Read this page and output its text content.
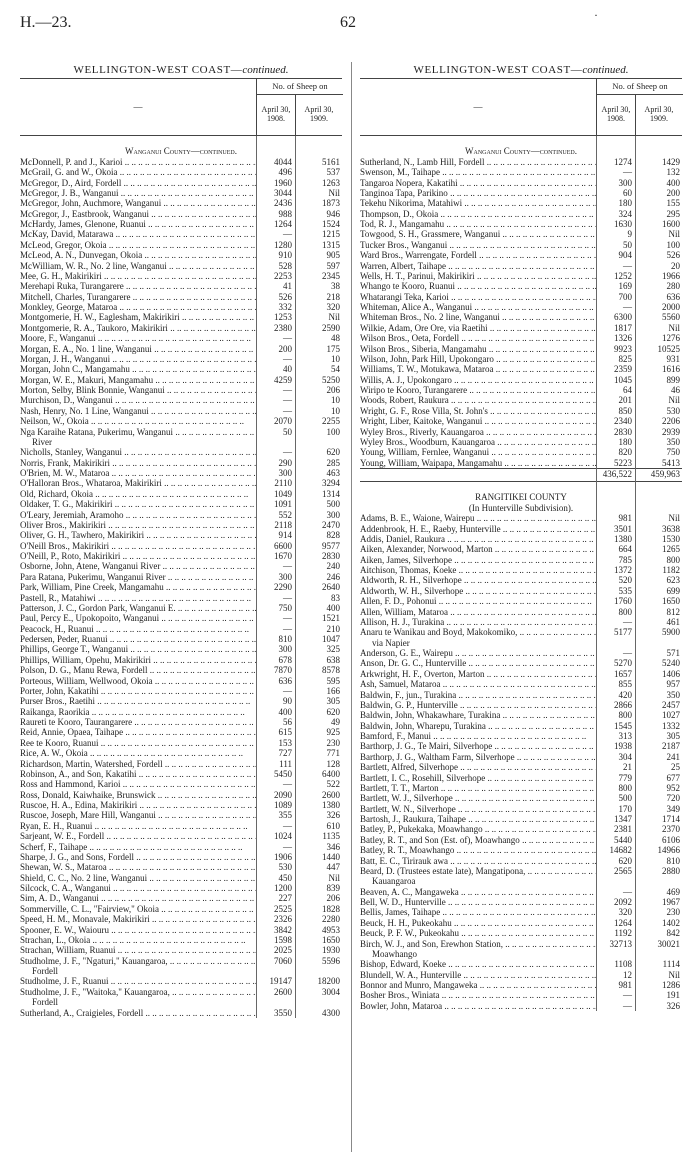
H.—23.	62	·
WELLINGTON-WEST COAST—continued.
—
No. of Sheep on
April 30,
1908.
April 30,
1909.
Wanganui County—continued.
McDonnell, P. and J., Karioi .. ..	4044	5161
McGrail, G. and W., Okoia .. ..	496	537
McGregor, D., Aird, Fordell .. ..	1960	1263
McGregor, J. B., Wanganui .. ..	3044	Nil
McGregor, John, Auchmore, Wanganui .. ..	2436	1873
McGregor, J., Eastbrook, Wanganui .. ..	988	946
McHardy, James, Glenone, Ruanui .. ..	1264	1524
McKay, David, Matarawa .. ..	—	1215
McLeod, Gregor, Okoia .. ..	1280	1315
McLeod, A. N., Dunvegan, Okoia .. ..	910	905
McWilliam, W. R., No. 2 line, Wanganui .. ..	528	597
Mee, G. H., Makirikiri .. ..	2253	2345
Merehapi Ruka, Turangarere .. ..	41	38
Mitchell, Charles, Turangarere .. ..	526	218
Monkley, George, Mataroa .. ..	332	320
Montgomerie, H. W., Eaglesham, Makirikiri .. ..	1253	Nil
Montgomerie, R. A., Taukoro, Makirikiri .. ..	2380	2590
Moore, F., Wanganui .. ..	—	48
Morgan, E. A., No. 1 line, Wanganui .. ..	200	175
Morgan, J. H., Wanganui .. ..	—	10
Morgan, John C., Mangamahu .. ..	40	54
Morgan, W. E., Makuri, Mangamahu .. ..	4259	5250
Morton, Selby, Blink Bonnie, Wanganui .. ..	—	206
Murchison, D., Wanganui .. ..	—	10
Nash, Henry, No. 1 Line, Wanganui .. ..	—	10
Neilson, W., Okoia .. ..	2070	2255
Nga Karaihe Ratana, Pukerimu, Wanganui .. ..	50	100
River
Nicholls, Stanley, Wanganui .. ..	—	620
Norris, Frank, Makirikiri .. ..	290	285
O'Brien, M. W., Mataroa .. ..	300	463
O'Halloran Bros., Whataroa, Makirikiri .. ..	2110	3294
Old, Richard, Okoia .. ..	1049	1314
Oldaker, T. G., Makirikiri .. ..	1091	500
O'Leary, Jeremiah, Aramoho .. ..	552	300
Oliver Bros., Makirikiri .. ..	2118	2470
Oliver, G. H., Tawhero, Makirikiri .. ..	914	828
O'Neill Bros., Makirikiri .. ..	6600	9577
O'Neill, P., Roto, Makirikiri .. ..	1670	2830
Osborne, John, Atene, Wanganui River .. ..	—	240
Para Ratana, Pukerimu, Wanganui River .. ..	300	246
Park, William, Pine Creek, Mangamahu .. ..	2290	2640
Pastell, R., Matahiwi .. ..	—	83
Patterson, J. C., Gordon Park, Wanganui E. .. ..	750	400
Paul, Percy E., Upokopoito, Wanganui .. ..	—	1521
Peacock, H., Ruanui .. ..	—	210
Pedersen, Peder, Ruanui .. ..	810	1047
Phillips, George T., Wanganui .. ..	300	325
Phillips, William, Opehu, Makirikiri .. ..	678	638
Polson, D. G., Manu Rewa, Fordell .. ..	7870	8578
Porteous, William, Wellwood, Okoia .. ..	636	595
Porter, John, Kakatihi .. ..	—	166
Purser Bros., Raetihi .. ..	90	305
Raikanga, Raorikia .. ..	400	620
Raureti te Kooro, Taurangarere .. ..	56	49
Reid, Annie, Opaea, Taihape .. ..	615	925
Ree te Kooro, Ruanui .. ..	153	230
Rice, A. W., Okoia .. ..	727	771
Richardson, Martin, Watershed, Fordell .. ..	111	128
Robinson, A., and Son, Kakatihi .. ..	5450	6400
Ross and Hammond, Karioi .. ..	—	522
Ross, Donald, Kaiwhaike, Brunswick .. ..	2090	2600
Ruscoe, H. A., Edina, Makirikiri .. ..	1089	1380
Ruscoe, Joseph, Mare Hill, Wanganui .. ..	355	326
Ryan, E. H., Ruanui .. ..	—	610
Sarjeant, W. E., Fordell .. ..	1024	1135
Scherf, F., Taihape .. ..	—	346
Sharpe, J. G., and Sons, Fordell .. ..	1906	1440
Shewan, W. S., Mataroa .. ..	530	447
Shield, C. C., No. 2 line, Wanganui .. ..	450	Nil
Silcock, C. A., Wanganui .. ..	1200	839
Sim, A. D., Wanganui .. ..	227	206
Sommerville, C. L., "Fairview," Okoia .. ..	2525	1828
Speed, H. M., Monavale, Makirikiri .. ..	2326	2280
Spooner, E. W., Waiouru .. ..	3842	4953
Strachan, L., Okoia .. ..	1598	1650
Strachan, William, Ruanui .. ..	2025	1930
Studholme, J. F., "Ngaturi," Kauangaroa, .. ..	7060	5596
Fordell
Studholme, J. F., Ruanui .. ..	19147	18200
Studholme, J. F., "Waitoka," Kauangaroa, .. ..	2600	3004
Fordell
Sutherland, A., Craigieles, Fordell .. ..	3550	4300
WELLINGTON-WEST COAST—continued.
—
No. of Sheep on
April 30,
1908.
April 30,
1909.
Wanganui County—continued.
Sutherland, N., Lamb Hill, Fordell .. ..	1274	1429
Swenson, M., Taihape .. ..	—	132
Tangaroa Nopera, Kakatihi .. ..	300	400
Tanginoa Tapa, Parikino .. ..	60	200
Tekehu Nikorima, Matahiwi .. ..	180	155
Thompson, D., Okoia .. ..	324	295
Tod, R. J., Mangamahu .. ..	1630	1600
Towgood, S. H., Grassmere, Wanganui .. ..	9	Nil
Tucker Bros., Wanganui .. ..	50	100
Ward Bros., Warrengate, Fordell .. ..	904	526
Warren, Albert, Taihape .. ..	—	20
Wells, H. T., Parinui, Makirikiri .. ..	1252	1966
Whango te Kooro, Ruanui .. ..	169	280
Whatarangi Teka, Karioi .. ..	700	636
Whiteman, Alice A., Wanganui .. ..	—	2000
Whiteman Bros., No. 2 line, Wanganui .. ..	6300	5560
Wilkie, Adam, Ore Ore, via Raetihi .. ..	1817	Nil
Wilson Bros., Oeta, Fordell .. ..	1326	1276
Wilson Bros., Siberia, Mangamahu .. ..	9923	10525
Wilson, John, Park Hill, Upokongaro .. ..	825	931
Williams, T. W., Motukawa, Mataroa .. ..	2359	1616
Willis, A. J., Upokongaro .. ..	1045	899
Wiripo te Kooro, Turangarere .. ..	64	46
Woods, Robert, Raukura .. ..	201	Nil
Wright, G. F., Rose Villa, St. John's .. ..	850	530
Wright, Liber, Kaitoke, Wanganui .. ..	2340	2206
Wyley Bros., Riverly, Kauangaroa .. ..	2830	2939
Wyley Bros., Woodburn, Kauangaroa .. ..	180	350
Young, William, Fernlee, Wanganui .. ..	820	750
Young, William, Waipapa, Mangamahu .. ..	5223	5413
436,522	459,963
RANGITIKEI COUNTY
(In Hunterville Subdivision).
Adams, B. E., Waione, Wairepu .. ..	981	Nil
Addenbrook, H. E., Raeby, Hunterville .. ..	3501	3638
Addis, Daniel, Raukura .. ..	1380	1530
Aiken, Alexander, Norwood, Marton .. ..	664	1265
Aiken, James, Silverhope .. ..	785	800
Aitchison, Thomas, Koeke .. ..	1372	1182
Aldworth, R. H., Silverhope .. ..	520	623
Aldworth, W. H., Silverhope .. ..	535	699
Allen, F. D., Pohonui .. ..	1760	1650
Allen, William, Mataroa .. ..	800	812
Allison, H. J., Turakina .. ..	—	461
Anaru te Wanikau and Boyd, Makokomiko, .. ..	5177	5900
via Napier
Anderson, G. E., Wairepu .. ..	—	571
Anson, Dr. G. C., Hunterville .. ..	5270	5240
Arkwright, H. F., Overton, Marton .. ..	1657	1406
Ash, Samuel, Mataroa .. ..	855	957
Baldwin, F., jun., Turakina .. ..	420	350
Baldwin, G. P., Hunterville .. ..	2866	2457
Baldwin, John, Whakawhare, Turakina .. ..	800	1027
Baldwin, John, Wharepu, Turakina .. ..	1545	1332
Bamford, F., Manui .. ..	313	305
Barthorp, J. G., Te Mairi, Silverhope .. ..	1938	2187
Barthorp, J. G., Waltham Farm, Silverhope .. ..	304	241
Bartlett, Alfred, Silverhope .. ..	21	25
Bartlett, I. C., Rosehill, Silverhope .. ..	779	677
Bartlett, T. T., Marton .. ..	800	952
Bartlett, W. J., Silverhope .. ..	500	720
Bartlett, W. N., Silverhope .. ..	170	349
Bartosh, J., Raukura, Taihape .. ..	1347	1714
Batley, P., Pukekaka, Moawhango .. ..	2381	2370
Batley, R. T., and Son (Est. of), Moawhango .. ..	5440	6106
Batley, R. T., Moawhango .. ..	14682	14966
Batt, E. C., Tirirauk awa .. ..	620	810
Beard, D. (Trustees estate late), Mangatipona, .. ..	2565	2880
Kauangaroa
Beaven, A. C., Mangaweka .. ..	—	469
Bell, W. D., Hunterville .. ..	2092	1967
Bellis, James, Taihape .. ..	320	230
Beuck, H. H., Pukeokahu .. ..	1264	1402
Beuck, P. F. W., Pukeokahu .. ..	1192	842
Birch, W. J., and Son, Erewhon Station, .. ..	32713	30021
Moawhango
Bishop, Edward, Koeke .. ..	1108	1114
Blundell, W. A., Hunterville .. ..	12	Nil
Bonnor and Munro, Mangaweka .. ..	981	1286
Bosher Bros., Winiata .. ..	—	191
Bowler, John, Mataroa .. ..	—	326
